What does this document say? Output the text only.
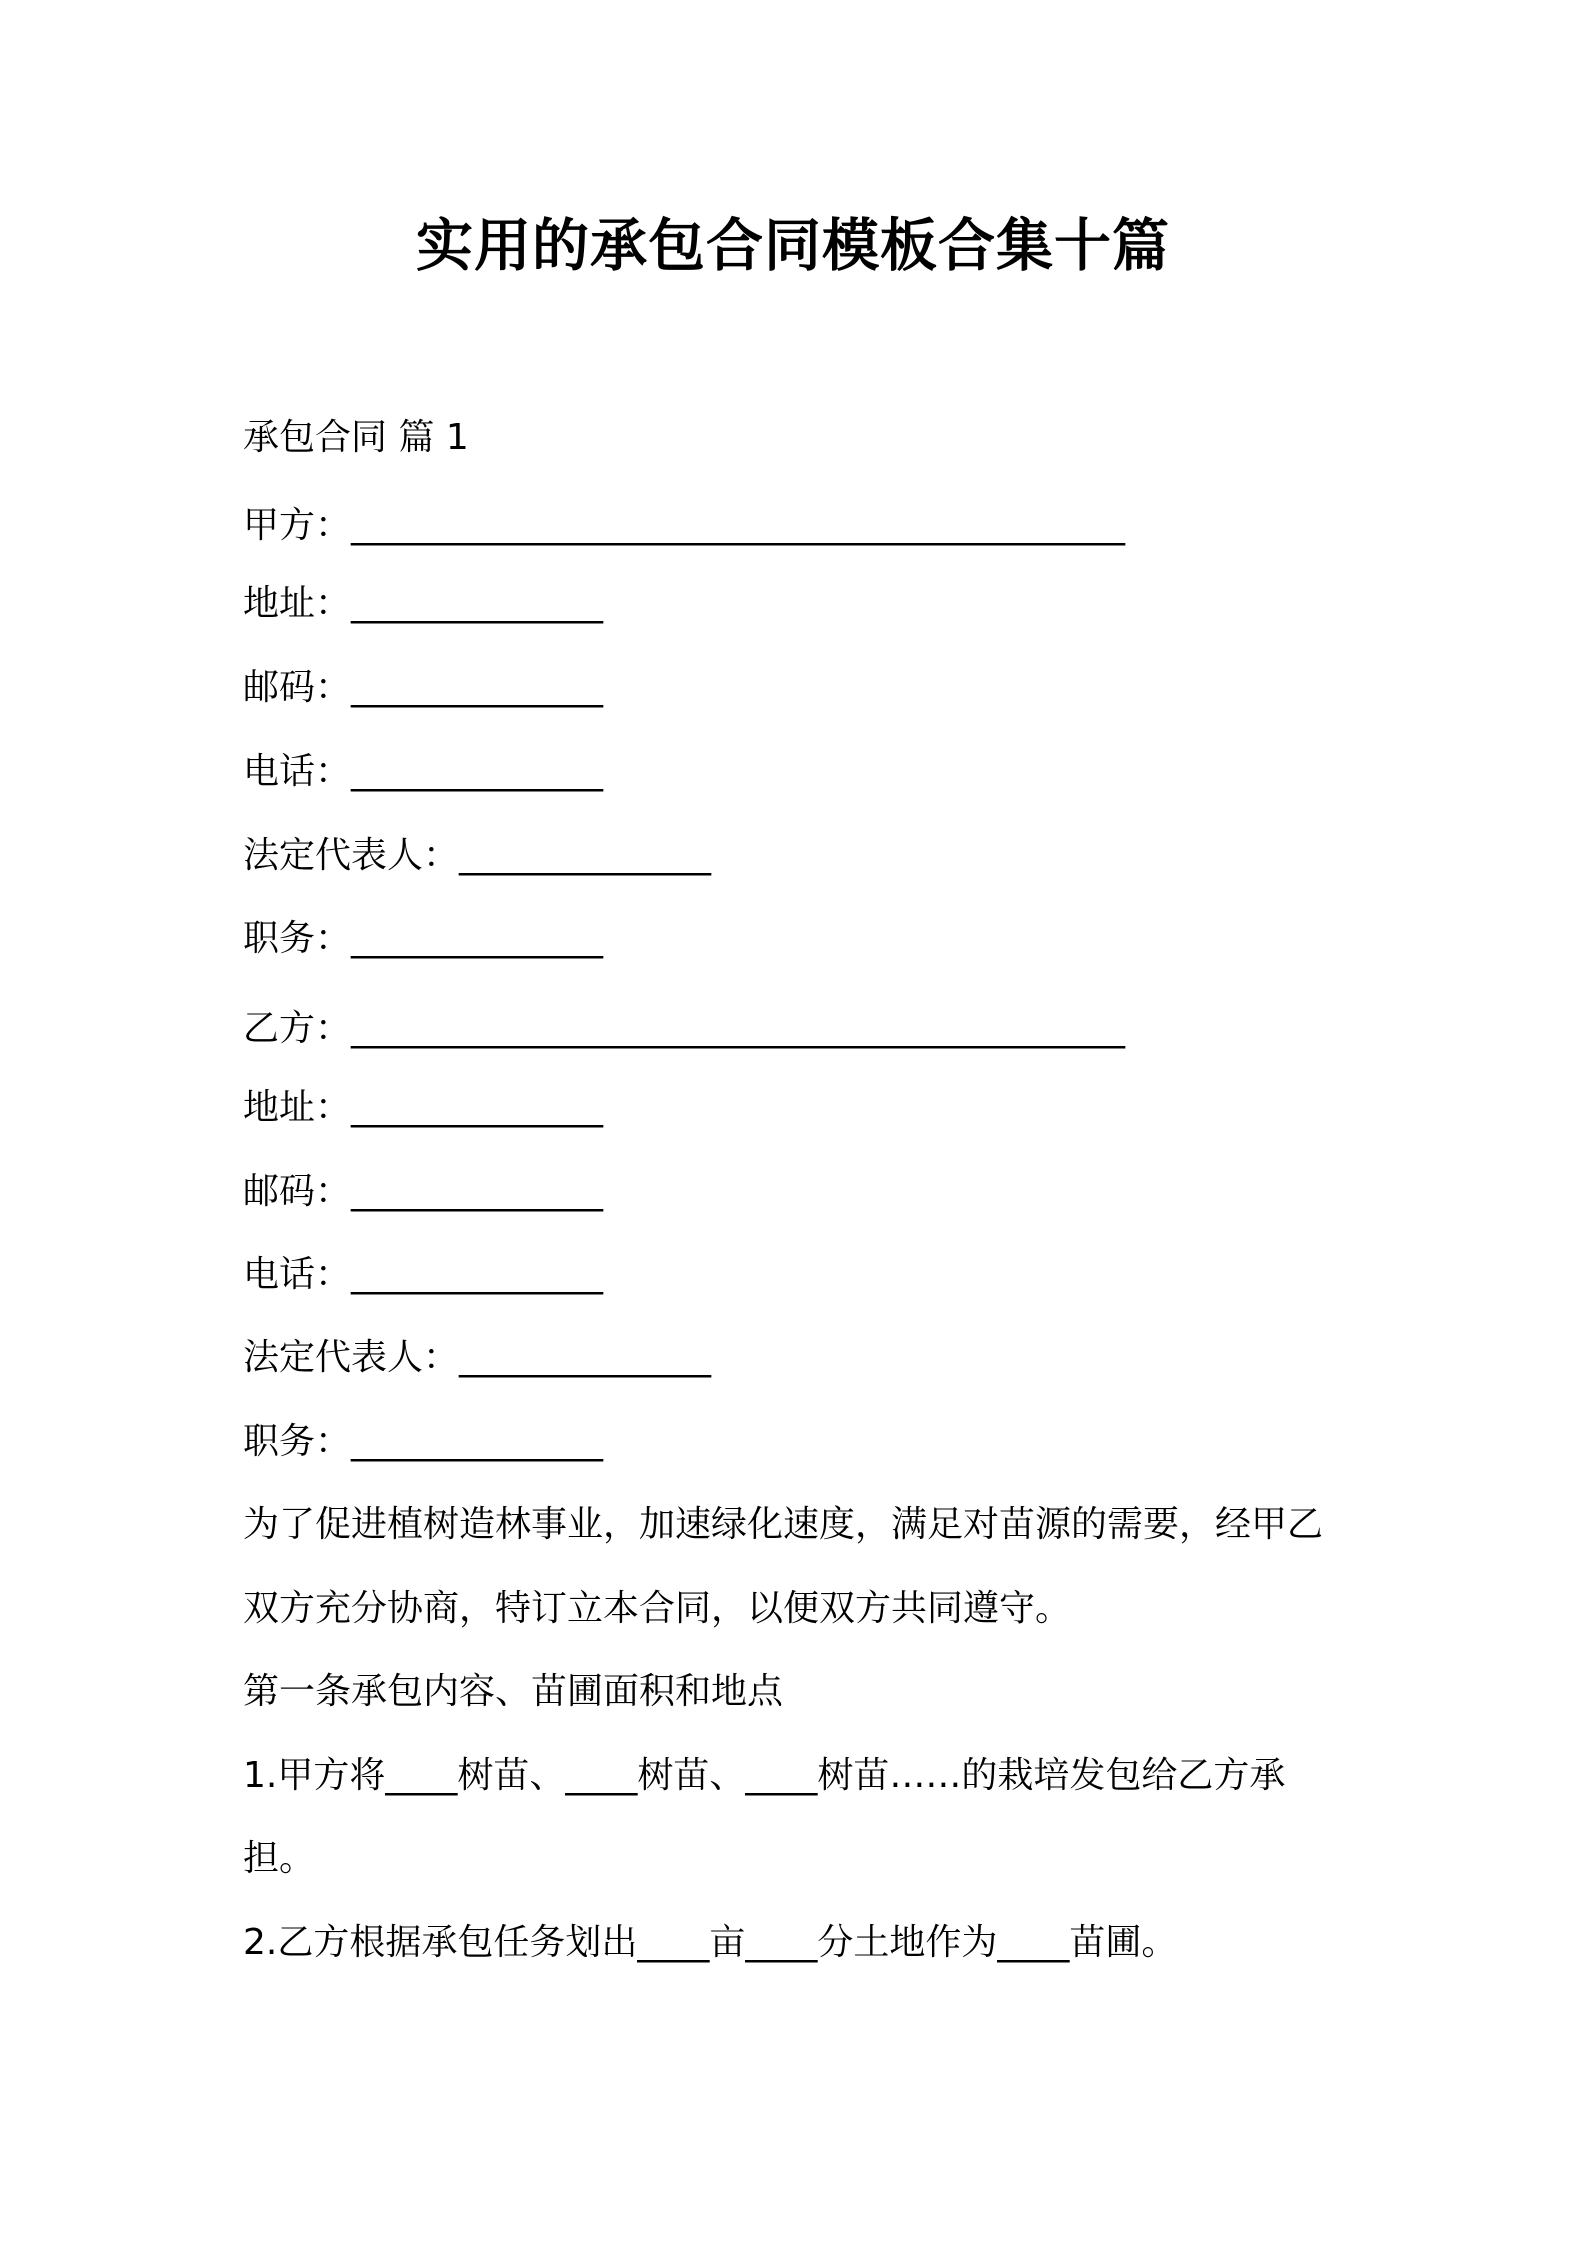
实用的承包合同模板合集十篇
承包合同 篇 1
甲方：___________________________________________
地址：______________
邮码：______________
电话：______________
法定代表人：______________
职务：______________
乙方：___________________________________________
地址：______________
邮码：______________
电话：______________
法定代表人：______________
职务：______________
为了促进植树造林事业，加速绿化速度，满足对苗源的需要，经甲乙
双方充分协商，特订立本合同，以便双方共同遵守。
第一条承包内容、苗圃面积和地点
1.甲方将____树苗、____树苗、____树苗……的栽培发包给乙方承
担。
2.乙方根据承包任务划出____亩____分土地作为____苗圃。
